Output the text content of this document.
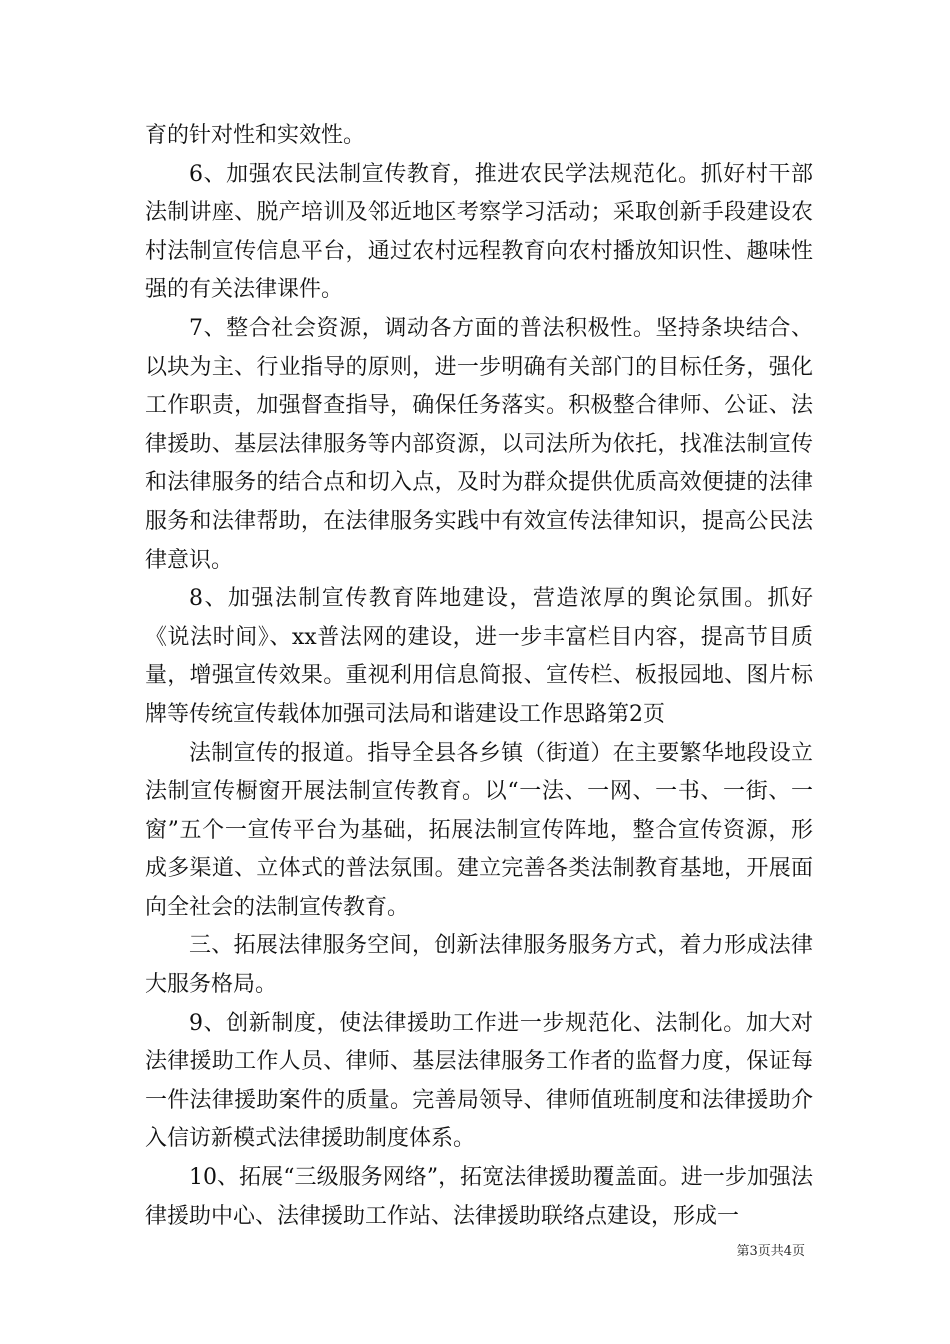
育的针对性和实效性。

6、加强农民法制宣传教育，推进农民学法规范化。抓好村干部法制讲座、脱产培训及邻近地区考察学习活动；采取创新手段建设农村法制宣传信息平台，通过农村远程教育向农村播放知识性、趣味性强的有关法律课件。

7、整合社会资源，调动各方面的普法积极性。坚持条块结合、以块为主、行业指导的原则，进一步明确有关部门的目标任务，强化工作职责，加强督查指导，确保任务落实。积极整合律师、公证、法律援助、基层法律服务等内部资源，以司法所为依托，找准法制宣传和法律服务的结合点和切入点，及时为群众提供优质高效便捷的法律服务和法律帮助，在法律服务实践中有效宣传法律知识，提高公民法律意识。

8、加强法制宣传教育阵地建设，营造浓厚的舆论氛围。抓好《说法时间》、xx普法网的建设，进一步丰富栏目内容，提高节目质量，增强宣传效果。重视利用信息简报、宣传栏、板报园地、图片标牌等传统宣传载体加强司法局和谐建设工作思路第2页

法制宣传的报道。指导全县各乡镇（街道）在主要繁华地段设立法制宣传橱窗开展法制宣传教育。以“一法、一网、一书、一街、一窗”五个一宣传平台为基础，拓展法制宣传阵地，整合宣传资源，形成多渠道、立体式的普法氛围。建立完善各类法制教育基地，开展面向全社会的法制宣传教育。

三、拓展法律服务空间，创新法律服务服务方式，着力形成法律大服务格局。

9、创新制度，使法律援助工作进一步规范化、法制化。加大对法律援助工作人员、律师、基层法律服务工作者的监督力度，保证每一件法律援助案件的质量。完善局领导、律师值班制度和法律援助介入信访新模式法律援助制度体系。

10、拓展“三级服务网络”，拓宽法律援助覆盖面。进一步加强法律援助中心、法律援助工作站、法律援助联络点建设，形成一

第3页共4页
